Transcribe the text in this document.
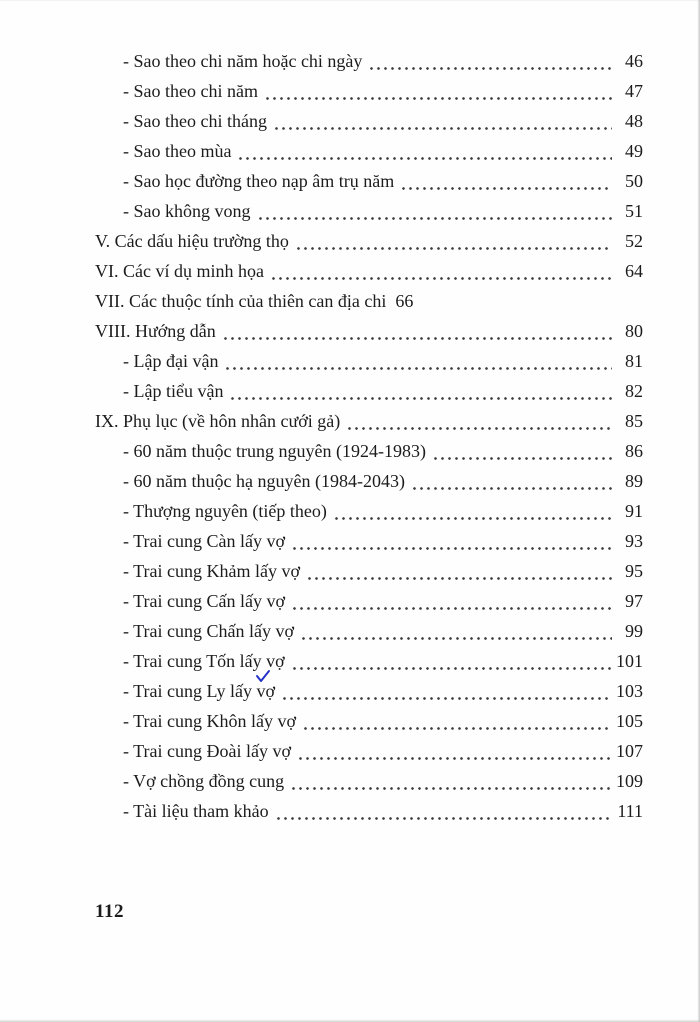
- Sao theo chi năm hoặc chi ngày	46
- Sao theo chi năm	47
- Sao theo chi tháng	48
- Sao theo mùa	49
- Sao học đường theo nạp âm trụ năm	50
- Sao không vong	51
V. Các dấu hiệu trường thọ	52
VI. Các ví dụ minh họa	64
VII. Các thuộc tính của thiên can địa chi 66
VIII. Hướng dẫn	80
- Lập đại vận	81
- Lập tiểu vận	82
IX. Phụ lục (về hôn nhân cưới gả)	85
- 60 năm thuộc trung nguyên (1924-1983)	86
- 60 năm thuộc hạ nguyên (1984-2043)	89
- Thượng nguyên (tiếp theo)	91
- Trai cung Càn lấy vợ	93
- Trai cung Khảm lấy vợ	95
- Trai cung Cấn lấy vợ	97
- Trai cung Chấn lấy vợ	99
- Trai cung Tốn lấy vợ	101
- Trai cung Ly lấy vợ	103
- Trai cung Khôn lấy vợ	105
- Trai cung Đoài lấy vợ	107
- Vợ chồng đồng cung	109
- Tài liệu tham khảo	111
112
